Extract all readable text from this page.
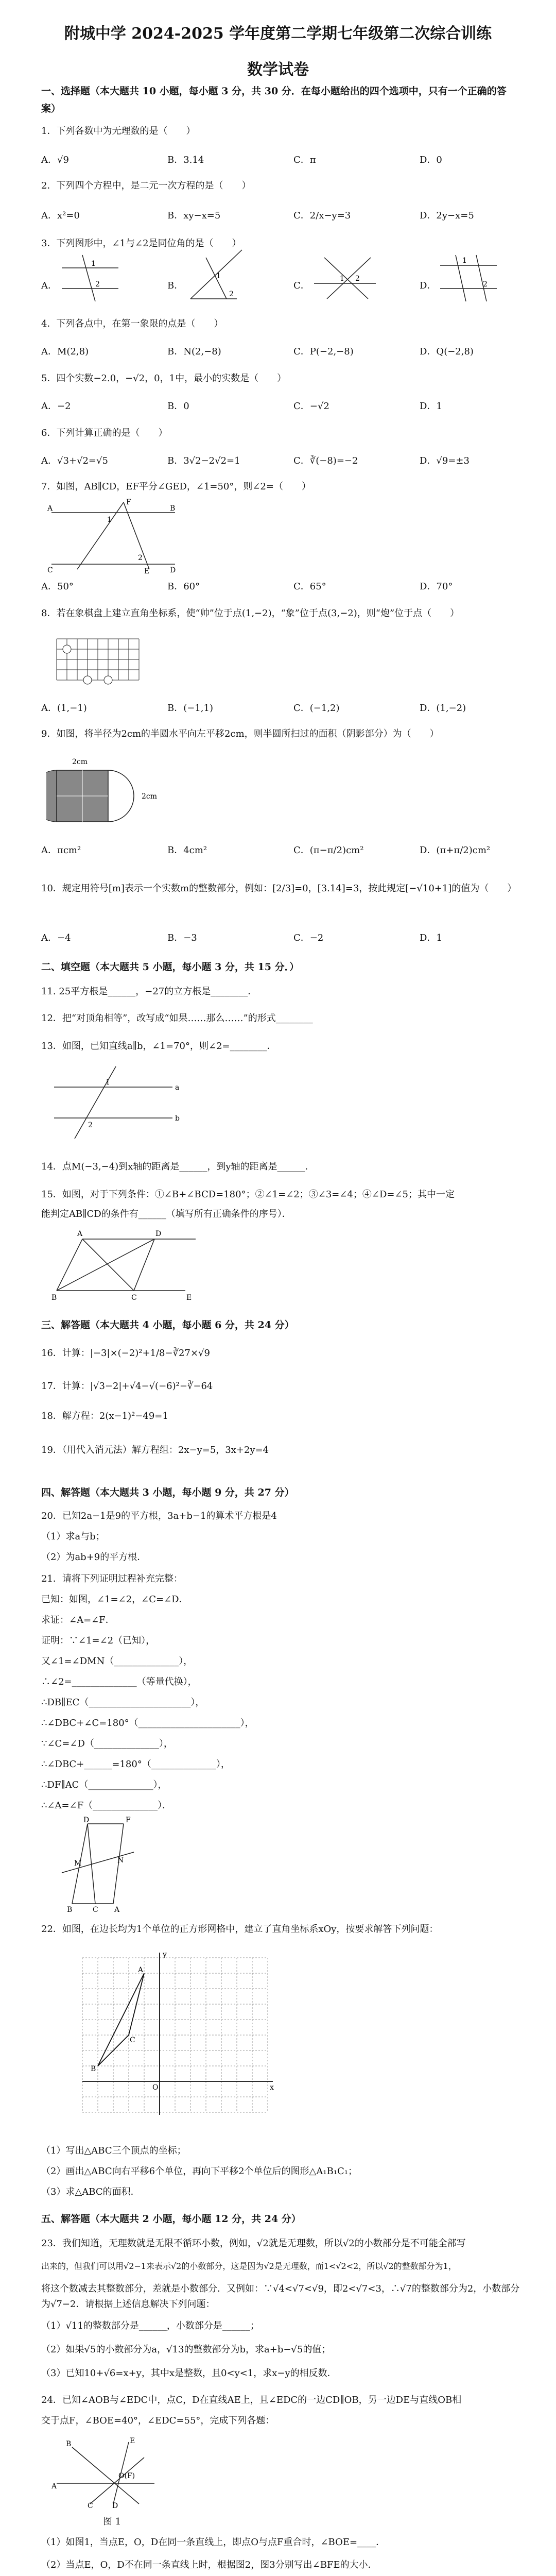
附城中学 2024-2025 学年度第二学期七年级第二次综合训练
数学试卷
一、选择题（本大题共 10 小题，每小题 3 分，共 30 分．在每小题给出的四个选项中，只有一个正确的答案）
1．下列各数中为无理数的是（　　）
A．√9	B．3.14	C．π	D．0
2．下列四个方程中，是二元一次方程的是（　　）
A．x²=0	B．xy−x=5	C．2/x−y=3	D．2y−x=5
3．下列图形中，∠1与∠2是同位角的是（　　）
A．	B．	C．	D．
1
2
1
2
1 2
1
2
4．下列各点中，在第一象限的点是（　　）
A．M(2,8)	B．N(2,−8)	C．P(−2,−8)	D．Q(−2,8)
5．四个实数−2.0，−√2，0，1中，最小的实数是（　　）
A．−2	B．0	C．−√2	D．1
6．下列计算正确的是（　　）
A．√3+√2=√5	B．3√2−2√2=1	C．∛(−8)=−2	D．√9=±3
7．如图，AB∥CD，EF平分∠GED，∠1=50°，则∠2=（　　）
A	B
C	D
F
E
1
2
A．50°	B．60°	C．65°	D．70°
8．若在象棋盘上建立直角坐标系，使“帅”位于点(1,−2)，“象”位于点(3,−2)，则“炮”位于点（　　）
A．(1,−1)	B．(−1,1)	C．(−1,2)	D．(1,−2)
9．如图，将半径为2cm的半圆水平向左平移2cm，则半圆所扫过的面积（阴影部分）为（　　）
2cm
2cm
A．πcm²	B．4cm²	C．(π−π/2)cm²	D．(π+π/2)cm²
10．规定用符号[m]表示一个实数m的整数部分，例如：[2/3]=0，[3.14]=3，按此规定[−√10+1]的值为（　　）
A．−4	B．−3	C．−2	D．1
二、填空题（本大题共 5 小题，每小题 3 分，共 15 分．）
11. 25平方根是______，−27的立方根是________．
12．把“对顶角相等”，改写成“如果……那么……”的形式________
13．如图，已知直线a∥b，∠1=70°，则∠2=________．
a
b
1
2
14．点M(−3,−4)到x轴的距离是______，到y轴的距离是______．
15．如图，对于下列条件：①∠B+∠BCD=180°；②∠1=∠2；③∠3=∠4；④∠D=∠5；其中一定
能判定AB∥CD的条件有______（填写所有正确条件的序号）．
A	D
B	C	E
三、解答题（本大题共 4 小题，每小题 6 分，共 24 分）
16．计算：|−3|×(−2)²+1/8−∛27×√9
17．计算：|√3−2|+√4−√(−6)²−∛−64
18．解方程：2(x−1)²−49=1
19．（用代入消元法）解方程组：2x−y=5，3x+2y=4
四、解答题（本大题共 3 小题，每小题 9 分，共 27 分）
20．已知2a−1是9的平方根，3a+b−1的算术平方根是4
（1）求a与b；
（2）为ab+9的平方根．
21．请将下列证明过程补充完整：
已知：如图，∠1=∠2，∠C=∠D．
求证：∠A=∠F．
证明：∵∠1=∠2（已知），
又∠1=∠DMN（______________），
∴∠2=______________（等量代换），
∴DB∥EC（______________________），
∴∠DBC+∠C=180°（______________________），
∵∠C=∠D（______________），
∴∠DBC+______=180°（______________），
∴DF∥AC（______________），
∴∠A=∠F（______________）．
D	F
B	C A
M	N
22．如图，在边长均为1个单位的正方形网格中，建立了直角坐标系xOy，按要求解答下列问题：
A
B
C
y
x
O
（1）写出△ABC三个顶点的坐标；
（2）画出△ABC向右平移6个单位，再向下平移2个单位后的图形△A₁B₁C₁；
（3）求△ABC的面积．
五、解答题（本大题共 2 小题，每小题 12 分，共 24 分）
23．我们知道，无理数就是无限不循环小数，例如，√2就是无理数，所以√2的小数部分是不可能全部写
出来的，但我们可以用√2−1来表示√2的小数部分，这是因为√2是无理数，而1<√2<2，所以√2的整数部分为1，
将这个数减去其整数部分，差就是小数部分．又例如：∵√4<√7<√9，即2<√7<3，∴√7的整数部分为2，小数部分为√7−2．请根据上述信息解决下列问题：
（1）√11的整数部分是______，小数部分是______；
（2）如果√5的小数部分为a，√13的整数部分为b，求a+b−√5的值；
（3）已知10+√6=x+y，其中x是整数，且0<y<1，求x−y的相反数．
24．已知∠AOB与∠EDC中，点C，D在直线AE上，且∠EDC的一边CD∥OB，另一边DE与直线OB相
交于点F，∠BOE=40°，∠EDC=55°，完成下列各题：
B	E
A
O(F)
C	D
图 1
（1）如图1，当点E，O，D在同一条直线上，即点O与点F重合时，∠BOE=____．
（2）当点E，O，D不在同一条直线上时，根据图2，图3分别写出∠BFE的大小．
